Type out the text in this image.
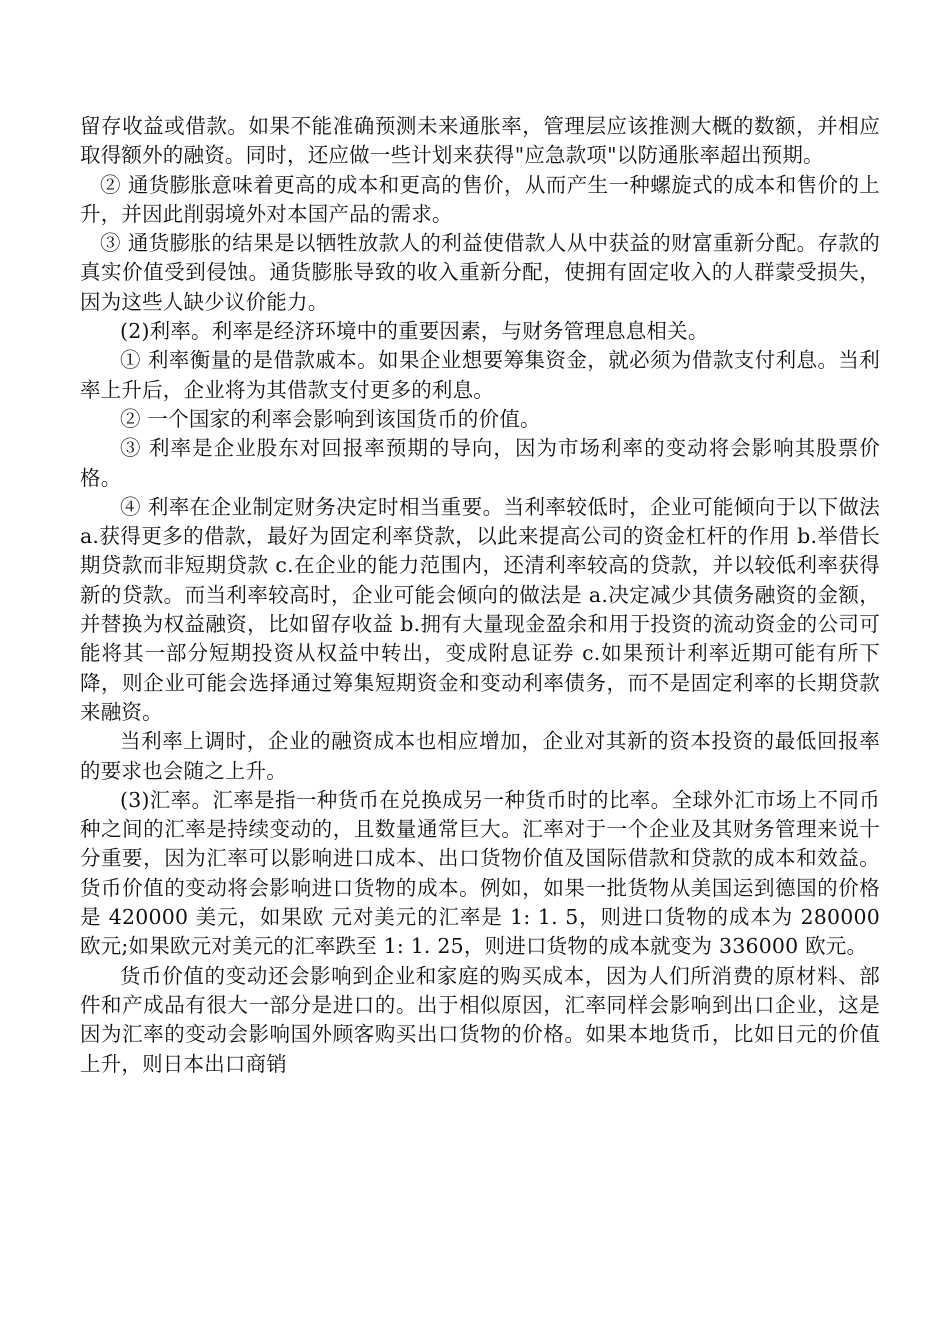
留存收益或借款。如果不能准确预测未来通胀率，管理层应该推测大概的数额，并相应取得额外的融资。同时，还应做一些计划来获得"应急款项"以防通胀率超出预期。

② 通货膨胀意味着更高的成本和更高的售价，从而产生一种螺旋式的成本和售价的上升，并因此削弱境外对本国产品的需求。

③ 通货膨胀的结果是以牺牲放款人的利益使借款人从中获益的财富重新分配。存款的真实价值受到侵蚀。通货膨胀导致的收入重新分配，使拥有固定收入的人群蒙受损失，因为这些人缺少议价能力。

(2)利率。利率是经济环境中的重要因素，与财务管理息息相关。

① 利率衡量的是借款戚本。如果企业想要筹集资金，就必须为借款支付利息。当利率上升后，企业将为其借款支付更多的利息。

② 一个国家的利率会影响到该国货币的价值。

③ 利率是企业股东对回报率预期的导向，因为市场利率的变动将会影响其股票价格。

④ 利率在企业制定财务决定时相当重要。当利率较低时，企业可能倾向于以下做法 a.获得更多的借款，最好为固定利率贷款，以此来提高公司的资金杠杆的作用 b.举借长期贷款而非短期贷款 c.在企业的能力范围内，还清利率较高的贷款，并以较低利率获得新的贷款。而当利率较高时，企业可能会倾向的做法是 a.决定减少其债务融资的金额，并替换为权益融资，比如留存收益 b.拥有大量现金盈余和用于投资的流动资金的公司可能将其一部分短期投资从权益中转出，变成附息证券 c.如果预计利率近期可能有所下降，则企业可能会选择通过筹集短期资金和变动利率债务，而不是固定利率的长期贷款来融资。

当利率上调时，企业的融资成本也相应增加，企业对其新的资本投资的最低回报率的要求也会随之上升。

(3)汇率。汇率是指一种货币在兑换成另一种货币时的比率。全球外汇市场上不同币种之间的汇率是持续变动的，且数量通常巨大。汇率对于一个企业及其财务管理来说十分重要，因为汇率可以影响进口成本、出口货物价值及国际借款和贷款的成本和效益。货币价值的变动将会影响进口货物的成本。例如，如果一批货物从美国运到德国的价格是 420000 美元，如果欧 元对美元的汇率是 1: 1. 5，则进口货物的成本为 280000 欧元;如果欧元对美元的汇率跌至 1: 1. 25，则进口货物的成本就变为 336000 欧元。

货币价值的变动还会影响到企业和家庭的购买成本，因为人们所消费的原材料、部件和产成品有很大一部分是进口的。出于相似原因，汇率同样会影响到出口企业，这是因为汇率的变动会影响国外顾客购买出口货物的价格。如果本地货币，比如日元的价值上升，则日本出口商销
